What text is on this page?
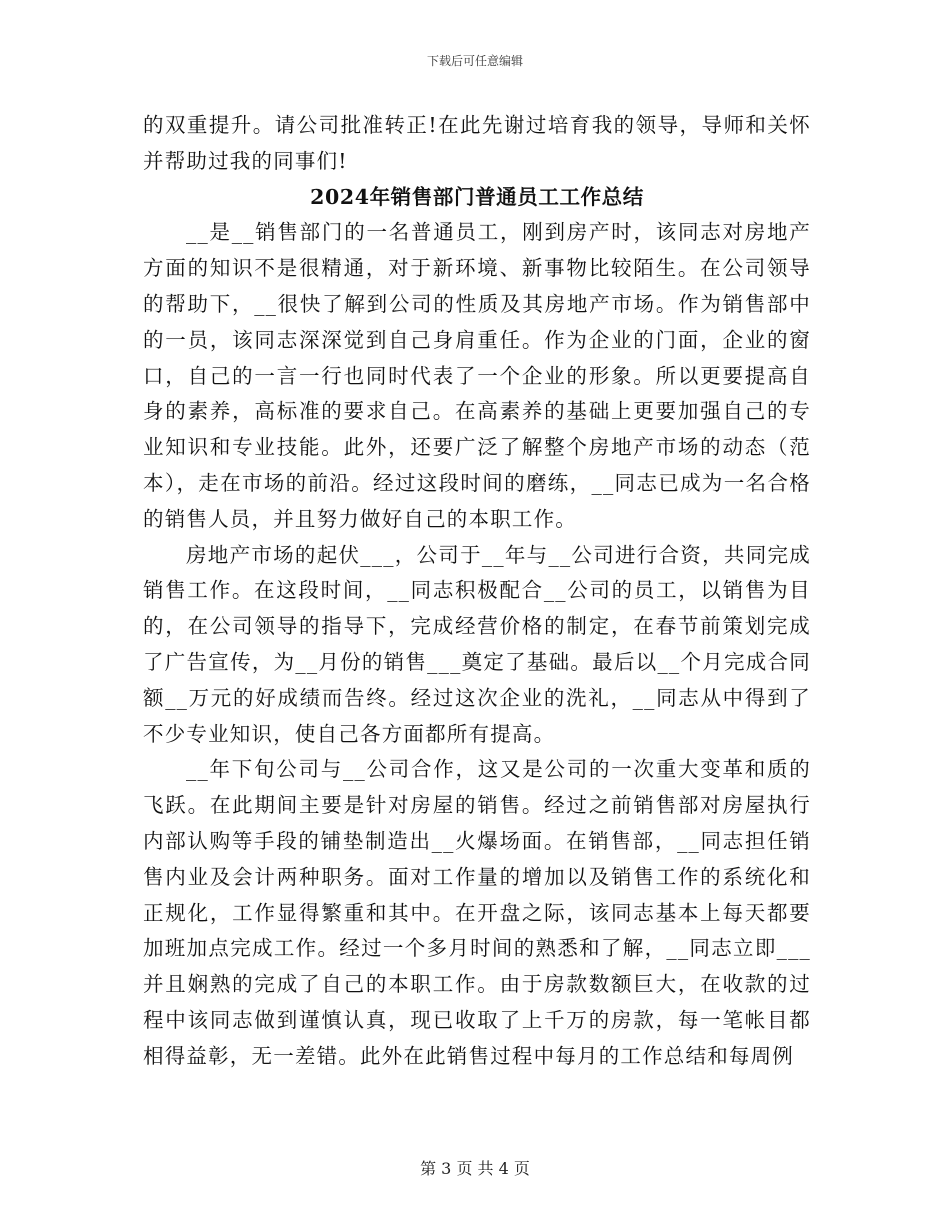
下载后可任意编辑

的双重提升。请公司批准转正!在此先谢过培育我的领导，导师和关怀并帮助过我的同事们!

2024年销售部门普通员工工作总结

__是__销售部门的一名普通员工，刚到房产时，该同志对房地产方面的知识不是很精通，对于新环境、新事物比较陌生。在公司领导的帮助下，__很快了解到公司的性质及其房地产市场。作为销售部中的一员，该同志深深觉到自己身肩重任。作为企业的门面，企业的窗口，自己的一言一行也同时代表了一个企业的形象。所以更要提高自身的素养，高标准的要求自己。在高素养的基础上更要加强自己的专业知识和专业技能。此外，还要广泛了解整个房地产市场的动态（范本），走在市场的前沿。经过这段时间的磨练，__同志已成为一名合格的销售人员，并且努力做好自己的本职工作。

房地产市场的起伏___，公司于__年与__公司进行合资，共同完成销售工作。在这段时间，__同志积极配合__公司的员工，以销售为目的，在公司领导的指导下，完成经营价格的制定，在春节前策划完成了广告宣传，为__月份的销售___奠定了基础。最后以__个月完成合同额__万元的好成绩而告终。经过这次企业的洗礼，__同志从中得到了不少专业知识，使自己各方面都所有提高。

__年下旬公司与__公司合作，这又是公司的一次重大变革和质的飞跃。在此期间主要是针对房屋的销售。经过之前销售部对房屋执行内部认购等手段的铺垫制造出__火爆场面。在销售部，__同志担任销售内业及会计两种职务。面对工作量的增加以及销售工作的系统化和正规化，工作显得繁重和其中。在开盘之际，该同志基本上每天都要加班加点完成工作。经过一个多月时间的熟悉和了解，__同志立即___并且娴熟的完成了自己的本职工作。由于房款数额巨大，在收款的过程中该同志做到谨慎认真，现已收取了上千万的房款，每一笔帐目都相得益彰，无一差错。此外在此销售过程中每月的工作总结和每周例

第 3 页 共 4 页
